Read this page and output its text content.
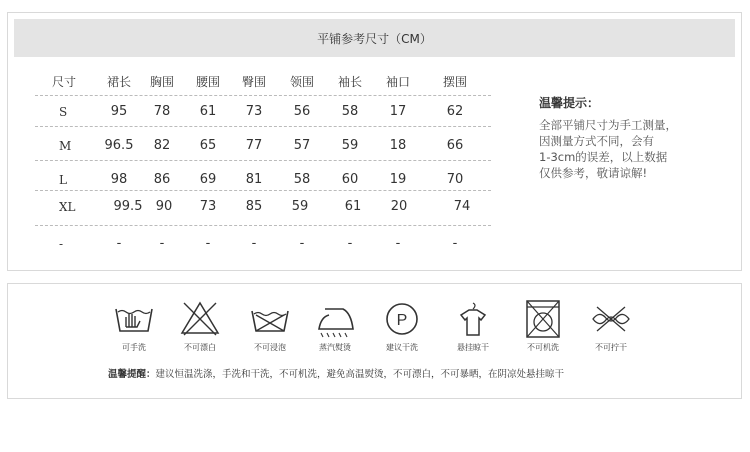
平铺参考尺寸（CM）
尺寸	裙长	胸围	腰围	臀围	领围	袖长	袖口	摆围
S	95	78	61	73	56	58	17	62
M	96.5	82	65	77	57	59	18	66
L	98	86	69	81	58	60	19	70
XL	99.5	90	73	85	59	61	20	74
-	-	-	-	-	-	-	-	-
温馨提示：
全部平铺尺寸为手工测量，
因测量方式不同，会有
1-3cm的误差，以上数据
仅供参考，敬请谅解!
可手洗	不可漂白	不可浸泡	蒸汽熨烫
P
建议干洗	悬挂晾干	不可机洗	不可拧干
温馨提醒：建议恒温洗涤，手洗和干洗，不可机洗，避免高温熨烫，不可漂白，不可暴晒，在阴凉处悬挂晾干
